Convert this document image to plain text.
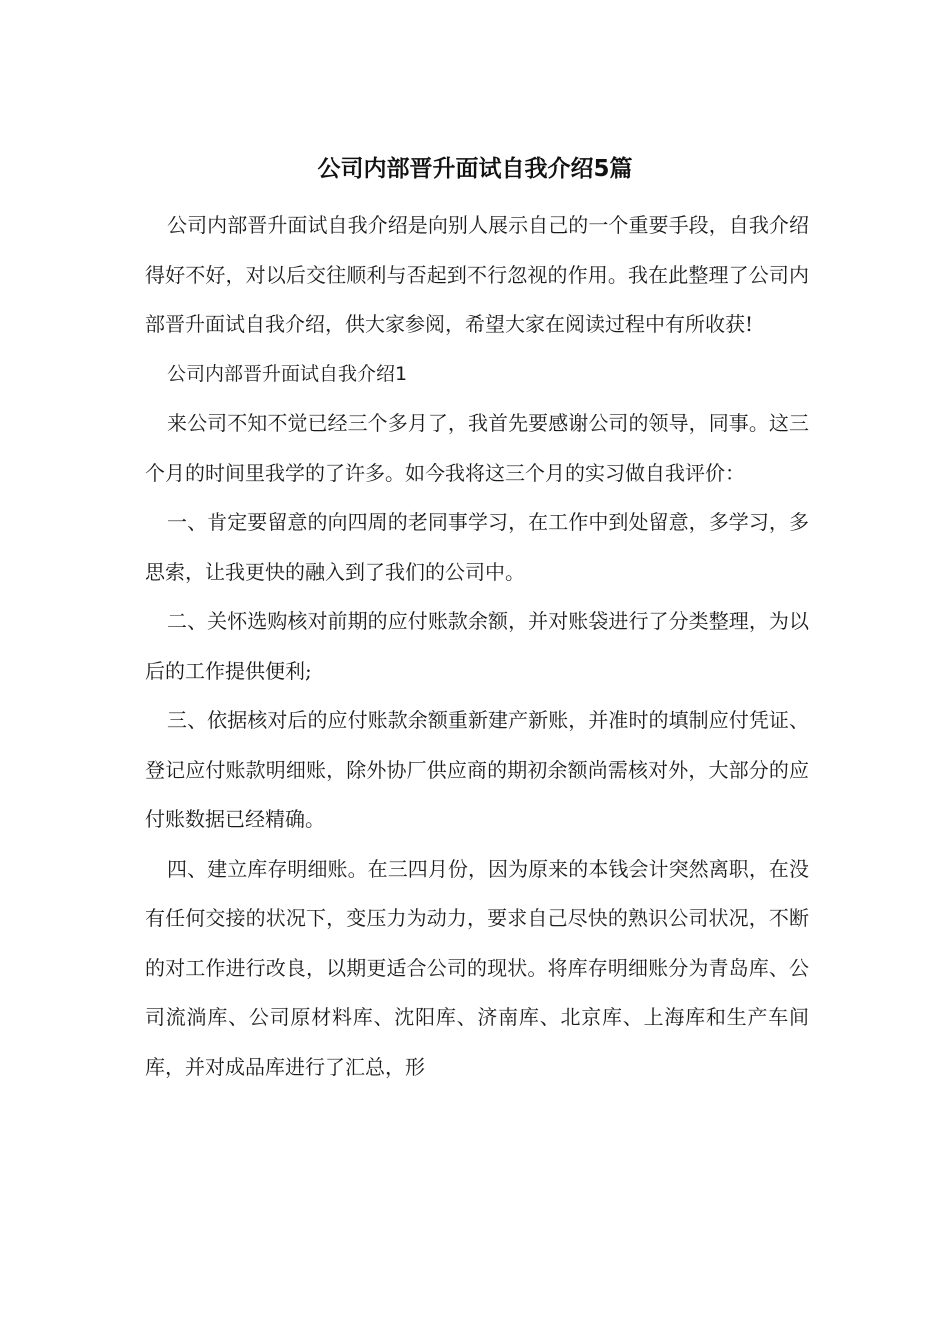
公司内部晋升面试自我介绍5篇

公司内部晋升面试自我介绍是向别人展示自己的一个重要手段，自我介绍得好不好，对以后交往顺利与否起到不行忽视的作用。我在此整理了公司内部晋升面试自我介绍，供大家参阅，希望大家在阅读过程中有所收获!

公司内部晋升面试自我介绍1

来公司不知不觉已经三个多月了，我首先要感谢公司的领导，同事。这三个月的时间里我学的了许多。如今我将这三个月的实习做自我评价：

一、肯定要留意的向四周的老同事学习，在工作中到处留意，多学习，多思索，让我更快的融入到了我们的公司中。

二、关怀选购核对前期的应付账款余额，并对账袋进行了分类整理，为以后的工作提供便利;

三、依据核对后的应付账款余额重新建产新账，并准时的填制应付凭证、登记应付账款明细账，除外协厂供应商的期初余额尚需核对外，大部分的应付账数据已经精确。

四、建立库存明细账。在三四月份，因为原来的本钱会计突然离职，在没有任何交接的状况下，变压力为动力，要求自己尽快的熟识公司状况，不断的对工作进行改良，以期更适合公司的现状。将库存明细账分为青岛库、公司流淌库、公司原材料库、沈阳库、济南库、北京库、上海库和生产车间库，并对成品库进行了汇总，形
